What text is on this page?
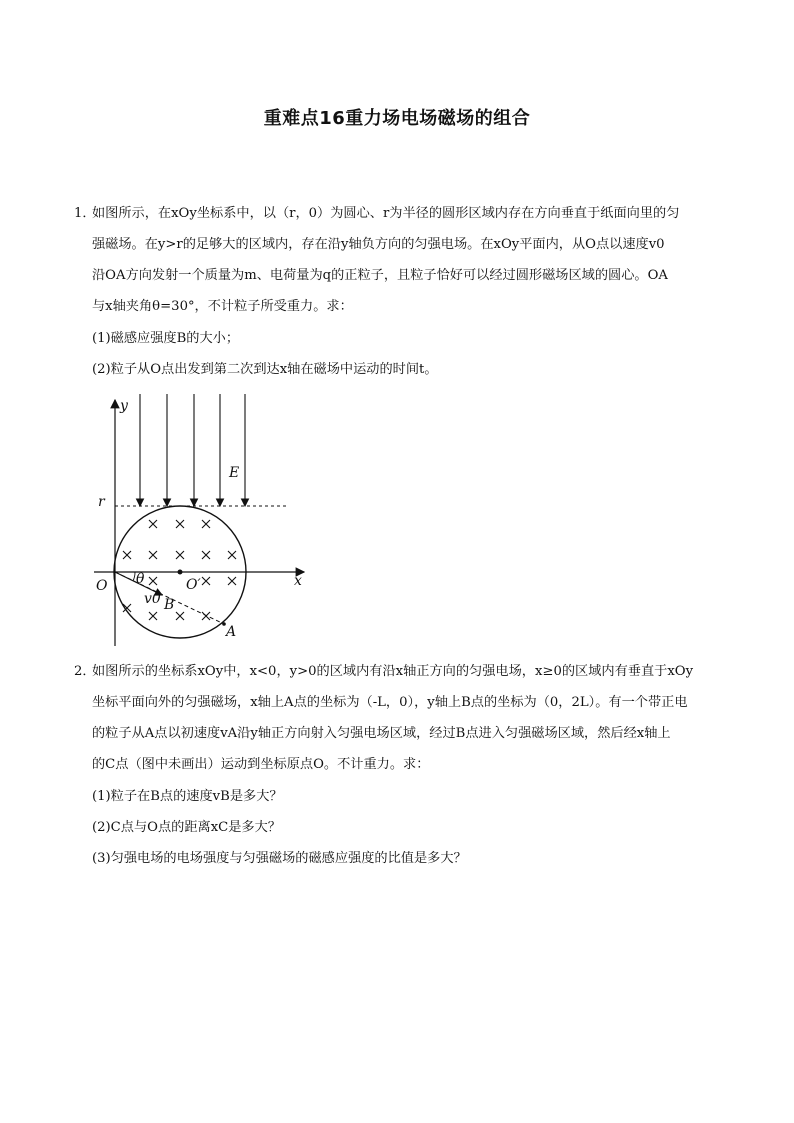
重难点16重力场电场磁场的组合
1．
如图所示，在xOy坐标系中，以（r，0）为圆心、r为半径的圆形区域内存在方向垂直于纸面向里的匀
强磁场。在y>r的足够大的区域内，存在沿y轴负方向的匀强电场。在xOy平面内，从O点以速度v0
沿OA方向发射一个质量为m、电荷量为q的正粒子，且粒子恰好可以经过圆形磁场区域的圆心。OA
与x轴夹角θ=30°，不计粒子所受重力。求：
(1)磁感应强度B的大小；
(2)粒子从O点出发到第二次到达x轴在磁场中运动的时间t。
y
x
r
E
O	O′
θ
v0 B
A
2．
如图所示的坐标系xOy中，x<0，y>0的区域内有沿x轴正方向的匀强电场，x≥0的区域内有垂直于xOy
坐标平面向外的匀强磁场，x轴上A点的坐标为（-L，0），y轴上B点的坐标为（0，2L）。有一个带正电
的粒子从A点以初速度vA沿y轴正方向射入匀强电场区域，经过B点进入匀强磁场区域，然后经x轴上
的C点（图中未画出）运动到坐标原点O。不计重力。求：
(1)粒子在B点的速度vB是多大？
(2)C点与O点的距离xC是多大？
(3)匀强电场的电场强度与匀强磁场的磁感应强度的比值是多大？
